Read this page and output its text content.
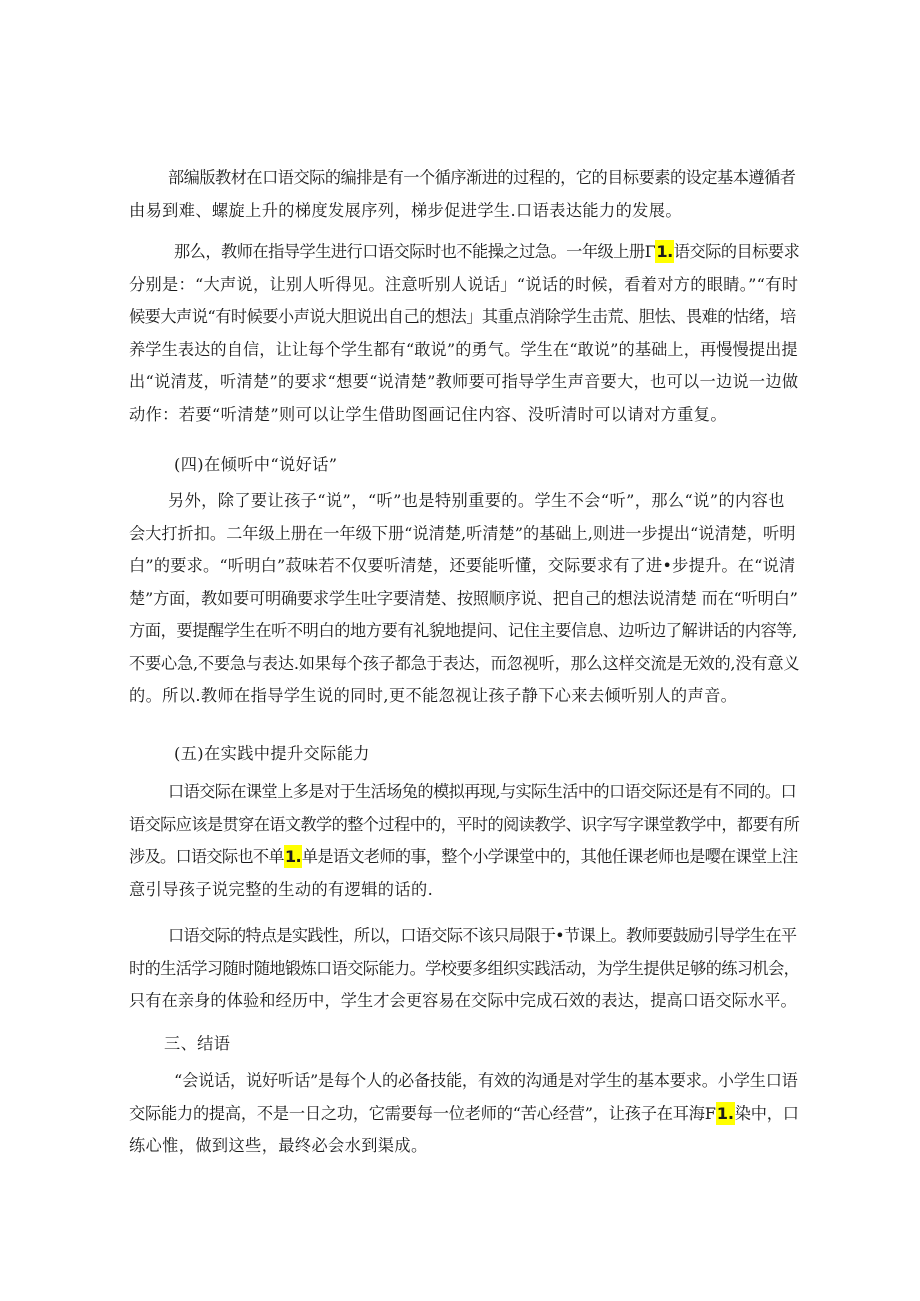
部编版教材在口语交际的编排是有一个循序渐进的过程的，它的目标要素的设定基本遵循者
由易到难、螺旋上升的梯度发展序列，梯步促进学生.口语表达能力的发展。
那么，教师在指导学生进行口语交际时也不能操之过急。一年级上册Γ1.语交际的目标要求
分别是：“大声说，让别人听得见。注意听别人说话」“说话的时候，看着对方的眼睛。”“有时
候要大声说“有时候要小声说大胆说出自己的想法」其重点消除学生击荒、胆怯、畏难的怙绪，培
养学生表达的自信，让让每个学生都有“敢说”的勇气。学生在“敢说”的基础上，再慢慢提出提
出“说清芨，听清楚”的要求“想要“说清楚”教师要可指导学生声音要大，也可以一边说一边做
动作：若要“听清楚”则可以让学生借助图画记住内容、没听清时可以请对方重复。
(四)在倾听中“说好话”
另外，除了要让孩子“说”，“听”也是特别重要的。学生不会“听”，那么“说”的内容也
会大打折扣。二年级上册在一年级下册“说清楚,听清楚”的基础上,则进一步提出“说清楚，听明
白”的要求。“听明白”菽味若不仅要听清楚，还要能听懂，交际要求有了进•步提升。在“说清
楚”方面，教如要可明确要求学生吐字要清楚、按照顺序说、把自己的想法说清楚 而在“听明白”
方面，要提醒学生在听不明白的地方要有礼貌地提问、记住主要信息、边听边了解讲话的内容等,
不要心急,不要急与表达.如果每个孩子都急于表达，而忽视听，那么这样交流是无效的,没有意义
的。所以.教师在指导学生说的同时,更不能忽视让孩子静下心来去倾听别人的声音。
(五)在实践中提升交际能力
口语交际在课堂上多是对于生活场兔的模拟再现,与实际生活中的口语交际还是有不同的。口
语交际应该是贯穿在语文教学的整个过程中的，平时的阅读教学、识字写字课堂教学中，都要有所
涉及。口语交际也不单1.单是语文老师的事，整个小学课堂中的，其他任课老师也是嘤在课堂上注
意引导孩子说完整的生动的有逻辑的话的.
口语交际的特点是实践性，所以，口语交际不该只局限于•节课上。教师要鼓励引导学生在平
时的生活学习随时随地锻炼口语交际能力。学校要多组织实践活动，为学生提供足够的练习机会，
只有在亲身的体验和经历中，学生才会更容易在交际中完成石效的表达，提高口语交际水平。
三、结语
“会说话，说好听话”是每个人的必备技能，有效的沟通是对学生的基本要求。小学生口语
交际能力的提高，不是一日之功，它需要每一位老师的“苦心经营”，让孩子在耳海F1.染中，口
练心惟，做到这些，最终必会水到渠成。
